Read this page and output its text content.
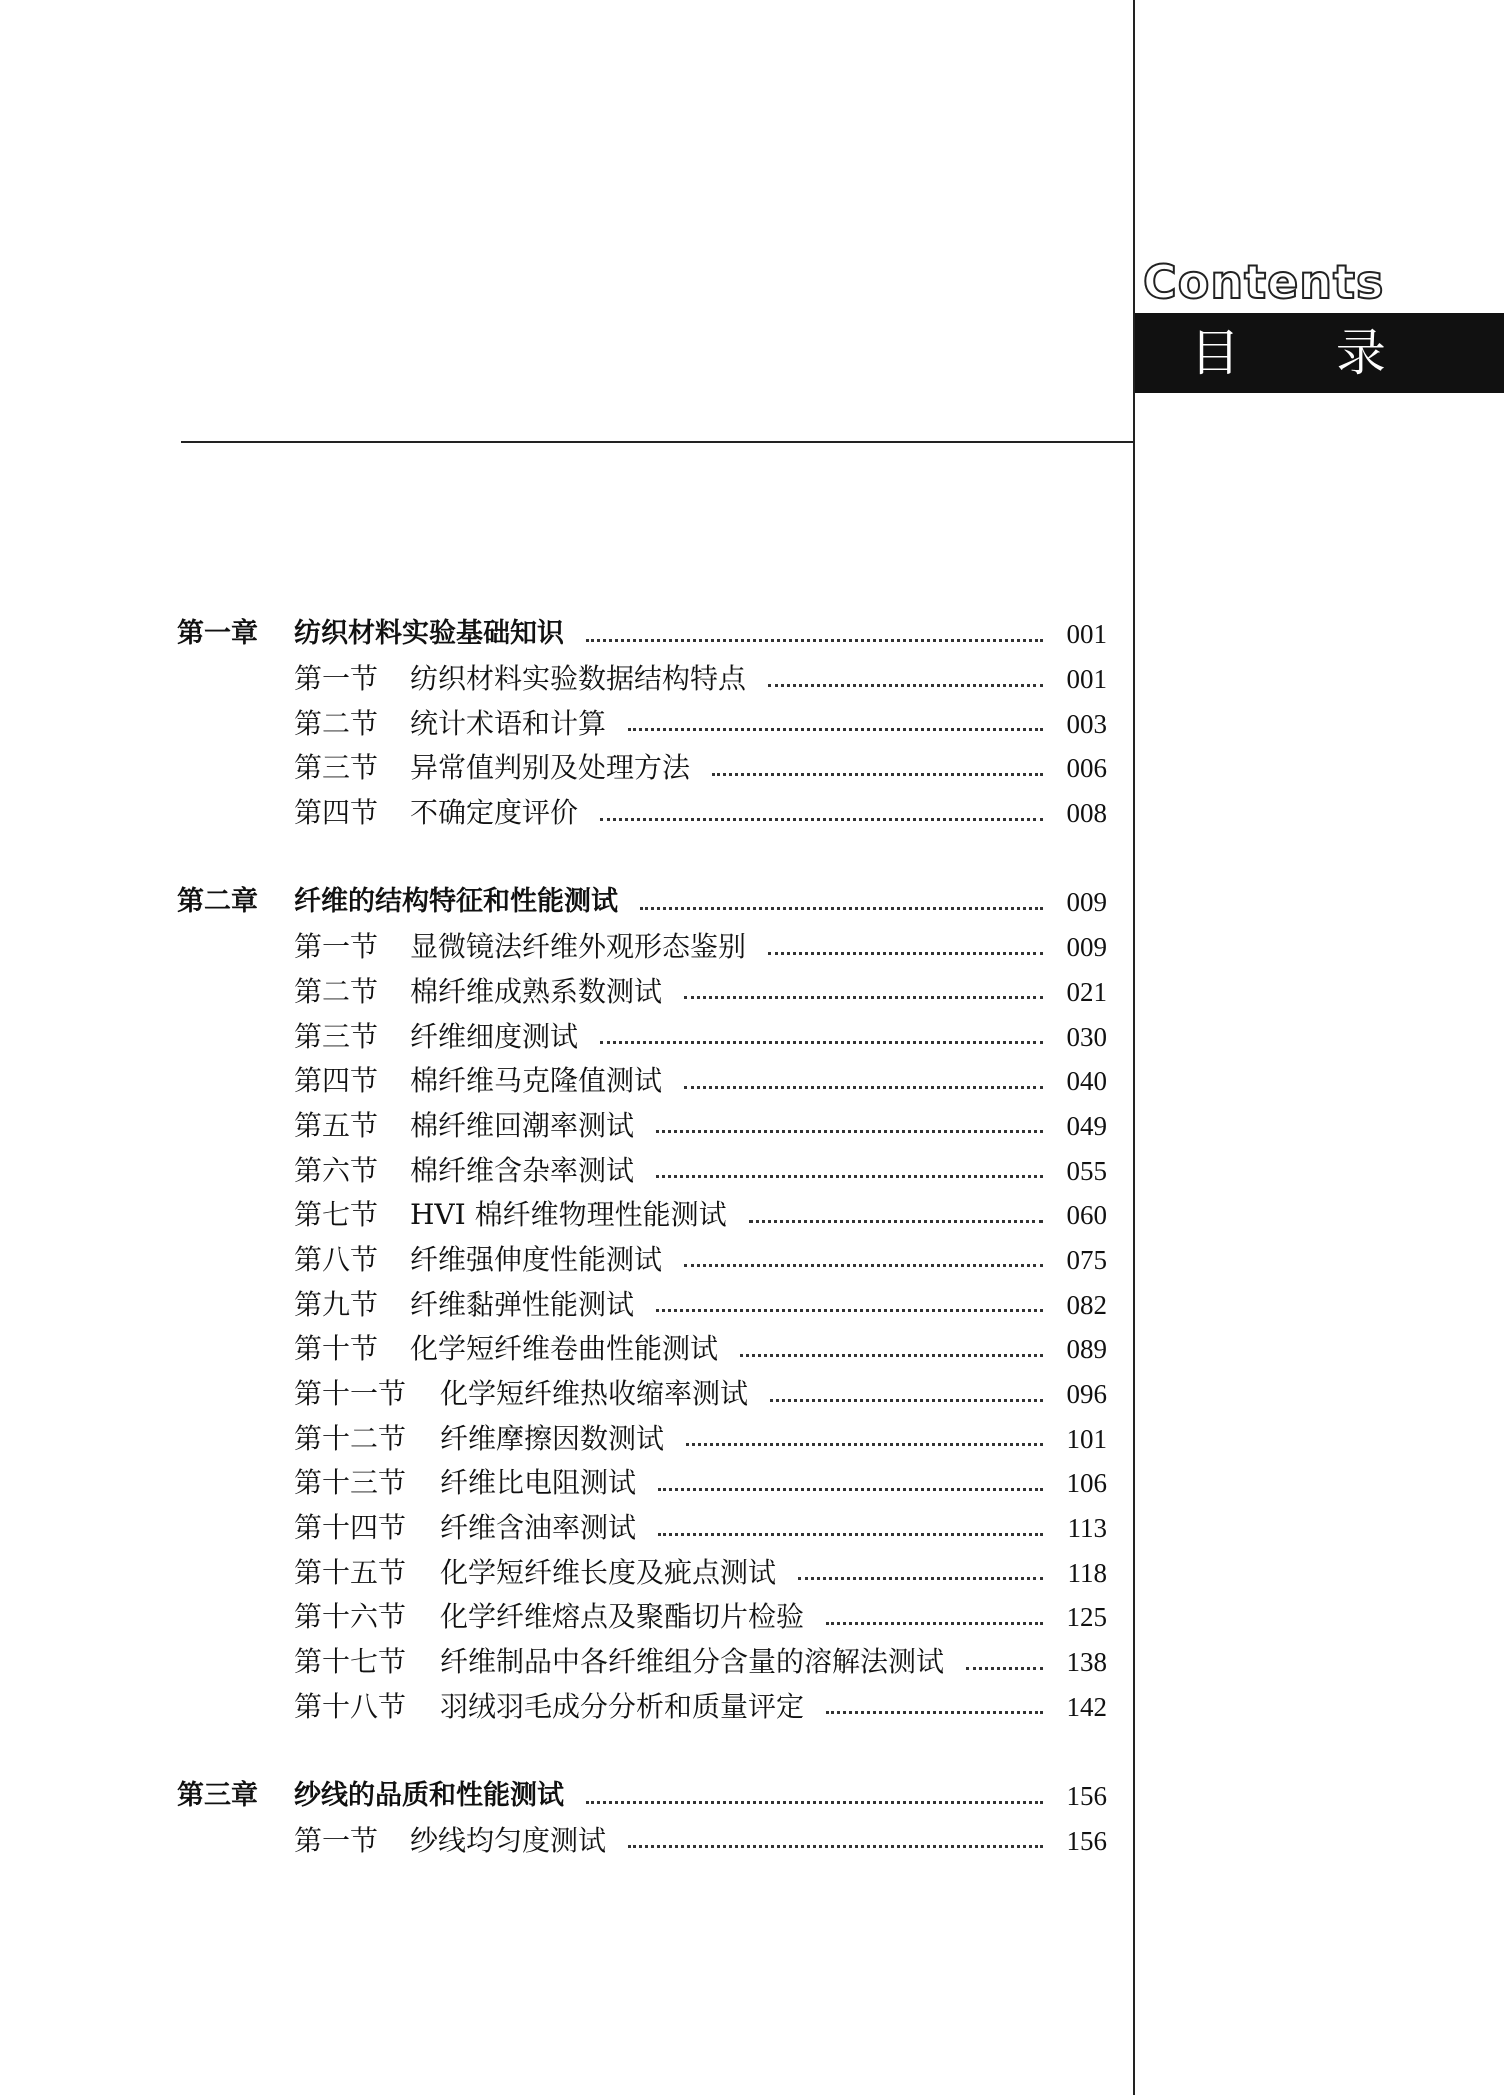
Contents
目 录
第一章	纺织材料实验基础知识	001
第一节	纺织材料实验数据结构特点	001
第二节	统计术语和计算	003
第三节	异常值判别及处理方法	006
第四节	不确定度评价	008
第二章	纤维的结构特征和性能测试	009
第一节	显微镜法纤维外观形态鉴别	009
第二节	棉纤维成熟系数测试	021
第三节	纤维细度测试	030
第四节	棉纤维马克隆值测试	040
第五节	棉纤维回潮率测试	049
第六节	棉纤维含杂率测试	055
第七节	HVI 棉纤维物理性能测试	060
第八节	纤维强伸度性能测试	075
第九节	纤维黏弹性能测试	082
第十节	化学短纤维卷曲性能测试	089
第十一节	化学短纤维热收缩率测试	096
第十二节	纤维摩擦因数测试	101
第十三节	纤维比电阻测试	106
第十四节	纤维含油率测试	113
第十五节	化学短纤维长度及疵点测试	118
第十六节	化学纤维熔点及聚酯切片检验	125
第十七节	纤维制品中各纤维组分含量的溶解法测试	138
第十八节	羽绒羽毛成分分析和质量评定	142
第三章	纱线的品质和性能测试	156
第一节	纱线均匀度测试	156
